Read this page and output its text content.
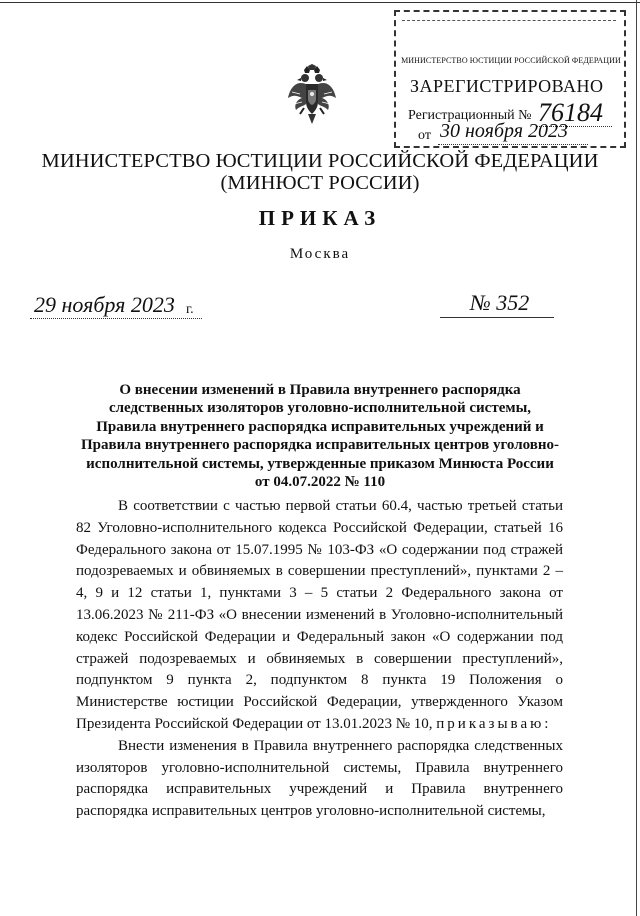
МИНИСТЕРСТВО ЮСТИЦИИ РОССИЙСКОЙ ФЕДЕРАЦИИ
ЗАРЕГИСТРИРОВАНО
Регистрационный № 76184
от 30 ноября 2023
МИНИСТЕРСТВО ЮСТИЦИИ РОССИЙСКОЙ ФЕДЕРАЦИИ
(МИНЮСТ РОССИИ)
ПРИКАЗ
Москва
29 ноября 2023 г.	№ 352
О внесении изменений в Правила внутреннего распорядка следственных изоляторов уголовно-исполнительной системы, Правила внутреннего распорядка исправительных учреждений и Правила внутреннего распорядка исправительных центров уголовно-исполнительной системы, утвержденные приказом Минюста России от 04.07.2022 № 110

В соответствии с частью первой статьи 60.4, частью третьей статьи 82 Уголовно-исполнительного кодекса Российской Федерации, статьей 16 Федерального закона от 15.07.1995 № 103-ФЗ «О содержании под стражей подозреваемых и обвиняемых в совершении преступлений», пунктами 2 – 4, 9 и 12 статьи 1, пунктами 3 – 5 статьи 2 Федерального закона от 13.06.2023 № 211-ФЗ «О внесении изменений в Уголовно-исполнительный кодекс Российской Федерации и Федеральный закон «О содержании под стражей подозреваемых и обвиняемых в совершении преступлений», подпунктом 9 пункта 2, подпунктом 8 пункта 19 Положения о Министерстве юстиции Российской Федерации, утвержденного Указом Президента Российской Федерации от 13.01.2023 № 10, приказываю:

Внести изменения в Правила внутреннего распорядка следственных изоляторов уголовно-исполнительной системы, Правила внутреннего распорядка исправительных учреждений и Правила внутреннего распорядка исправительных центров уголовно-исполнительной системы,
